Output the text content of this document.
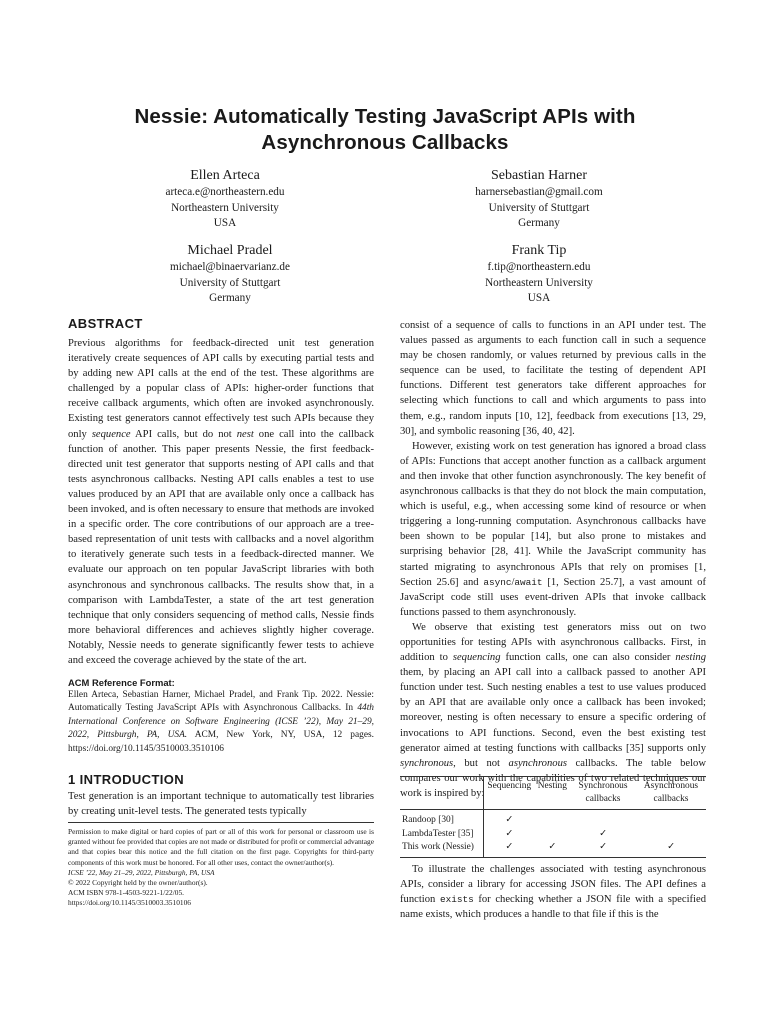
Nessie: Automatically Testing JavaScript APIs with
Asynchronous Callbacks
Ellen Arteca
arteca.e@northeastern.edu
Northeastern University
USA
Sebastian Harner
harnersebastian@gmail.com
University of Stuttgart
Germany
Michael Pradel
michael@binaervarianz.de
University of Stuttgart
Germany
Frank Tip
f.tip@northeastern.edu
Northeastern University
USA
ABSTRACT

Previous algorithms for feedback-directed unit test generation iteratively create sequences of API calls by executing partial tests and by adding new API calls at the end of the test. These algorithms are challenged by a popular class of APIs: higher-order functions that receive callback arguments, which often are invoked asynchronously. Existing test generators cannot effectively test such APIs because they only sequence API calls, but do not nest one call into the callback function of another. This paper presents Nessie, the first feedback-directed unit test generator that supports nesting of API calls and that tests asynchronous callbacks. Nesting API calls enables a test to use values produced by an API that are available only once a callback has been invoked, and is often necessary to ensure that methods are invoked in a specific order. The core contributions of our approach are a tree-based representation of unit tests with callbacks and a novel algorithm to iteratively generate such tests in a feedback-directed manner. We evaluate our approach on ten popular JavaScript libraries with both asynchronous and synchronous callbacks. The results show that, in a comparison with LambdaTester, a state of the art test generation technique that only considers sequencing of method calls, Nessie finds more behavioral differences and achieves slightly higher coverage. Notably, Nessie needs to generate significantly fewer tests to achieve and exceed the coverage achieved by the state of the art.

ACM Reference Format:

Ellen Arteca, Sebastian Harner, Michael Pradel, and Frank Tip. 2022. Nessie: Automatically Testing JavaScript APIs with Asynchronous Callbacks. In 44th International Conference on Software Engineering (ICSE ’22), May 21–29, 2022, Pittsburgh, PA, USA. ACM, New York, NY, USA, 12 pages. https://doi.org/10.1145/3510003.3510106

1 INTRODUCTION

Test generation is an important technique to automatically test libraries by creating unit-level tests. The generated tests typically

Permission to make digital or hard copies of part or all of this work for personal or classroom use is granted without fee provided that copies are not made or distributed for profit or commercial advantage and that copies bear this notice and the full citation on the first page. Copyrights for third-party components of this work must be honored. For all other uses, contact the owner/author(s).

ICSE ’22, May 21–29, 2022, Pittsburgh, PA, USA

© 2022 Copyright held by the owner/author(s).

ACM ISBN 978-1-4503-9221-1/22/05.

https://doi.org/10.1145/3510003.3510106

consist of a sequence of calls to functions in an API under test. The values passed as arguments to each function call in such a sequence may be chosen randomly, or values returned by previous calls in the sequence can be used, to facilitate the testing of dependent API functions. Different test generators take different approaches for selecting which functions to call and which arguments to pass into them, e.g., random inputs [10, 12], feedback from executions [13, 29, 30], and symbolic reasoning [36, 40, 42].

However, existing work on test generation has ignored a broad class of APIs: Functions that accept another function as a callback argument and then invoke that other function asynchronously. The key benefit of asynchronous callbacks is that they do not block the main computation, which is useful, e.g., when accessing some kind of resource or when triggering a long-running computation. Asynchronous callbacks have been shown to be popular [14], but also prone to mistakes and surprising behavior [28, 41]. While the JavaScript community has started migrating to asynchronous APIs that rely on promises [1, Section 25.6] and async/await [1, Section 25.7], a vast amount of JavaScript code still uses event-driven APIs that invoke callback functions passed to them asynchronously.

We observe that existing test generators miss out on two opportunities for testing APIs with asynchronous callbacks. First, in addition to sequencing function calls, one can also consider nesting them, by placing an API call into a callback passed to another API function under test. Such nesting enables a test to use values produced by an API that are available only once a callback has been invoked; moreover, nesting is often necessary to ensure a specific ordering of invocations to API functions. Second, even the best existing test generator aimed at testing functions with callbacks [35] supports only synchronous, but not asynchronous callbacks. The table below compares our work with the capabilities of two related techniques our work is inspired by:

	Sequencing	Nesting	Synchronous callbacks	Asynchronous callbacks
Randoop [30]	✓			
LambdaTester [35]	✓		✓	
This work (Nessie)	✓	✓	✓	✓

To illustrate the challenges associated with testing asynchronous APIs, consider a library for accessing JSON files. The API defines a function exists for checking whether a JSON file with a specified name exists, which produces a handle to that file if this is the
